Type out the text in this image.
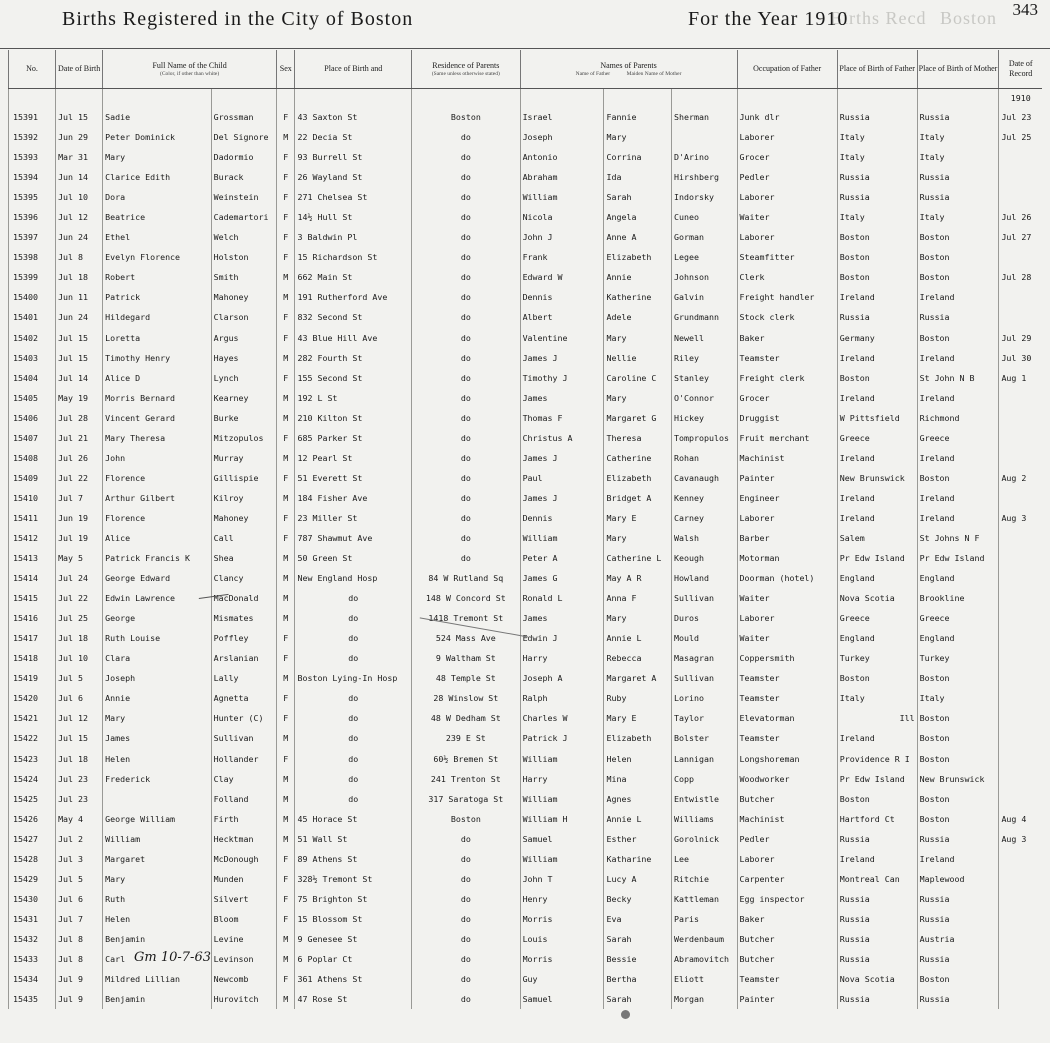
Births Registered in the City of Boston	Births Recd Boston
For the Year 1910	343
No.	Date of Birth	Full Name of the Child
(Color, if other than white)		Sex	Place of Birth and	Residence of Parents
(Same unless otherwise stated)	Names of Parents
Name of Father Maiden Name of Mother			Occupation of Father	Place of Birth of Father	Place of Birth of Mother	Date of Record
													1910
15391	Jul 15	Sadie	Grossman	F	43 Saxton St	Boston	Israel	Fannie	Sherman	Junk dlr	Russia	Russia	Jul 23
15392	Jun 29	Peter Dominick	Del Signore	M	22 Decia St	do	Joseph	Mary		Laborer	Italy	Italy	Jul 25
15393	Mar 31	Mary	Dadormio	F	93 Burrell St	do	Antonio	Corrina	D'Arino	Grocer	Italy	Italy	
15394	Jun 14	Clarice Edith	Burack	F	26 Wayland St	do	Abraham	Ida	Hirshberg	Pedler	Russia	Russia	
15395	Jul 10	Dora	Weinstein	F	271 Chelsea St	do	William	Sarah	Indorsky	Laborer	Russia	Russia	
15396	Jul 12	Beatrice	Cademartori	F	14½ Hull St	do	Nicola	Angela	Cuneo	Waiter	Italy	Italy	Jul 26
15397	Jun 24	Ethel	Welch	F	3 Baldwin Pl	do	John J	Anne A	Gorman	Laborer	Boston	Boston	Jul 27
15398	Jul 8	Evelyn Florence	Holston	F	15 Richardson St	do	Frank	Elizabeth	Legee	Steamfitter	Boston	Boston	
15399	Jul 18	Robert	Smith	M	662 Main St	do	Edward W	Annie	Johnson	Clerk	Boston	Boston	Jul 28
15400	Jun 11	Patrick	Mahoney	M	191 Rutherford Ave	do	Dennis	Katherine	Galvin	Freight handler	Ireland	Ireland	
15401	Jun 24	Hildegard	Clarson	F	832 Second St	do	Albert	Adele	Grundmann	Stock clerk	Russia	Russia	
15402	Jul 15	Loretta	Argus	F	43 Blue Hill Ave	do	Valentine	Mary	Newell	Baker	Germany	Boston	Jul 29
15403	Jul 15	Timothy Henry	Hayes	M	282 Fourth St	do	James J	Nellie	Riley	Teamster	Ireland	Ireland	Jul 30
15404	Jul 14	Alice D	Lynch	F	155 Second St	do	Timothy J	Caroline C	Stanley	Freight clerk	Boston	St John N B	Aug 1
15405	May 19	Morris Bernard	Kearney	M	192 L St	do	James	Mary	O'Connor	Grocer	Ireland	Ireland	
15406	Jul 28	Vincent Gerard	Burke	M	210 Kilton St	do	Thomas F	Margaret G	Hickey	Druggist	W Pittsfield	Richmond	
15407	Jul 21	Mary Theresa	Mitzopulos	F	685 Parker St	do	Christus A	Theresa	Tompropulos	Fruit merchant	Greece	Greece	
15408	Jul 26	John	Murray	M	12 Pearl St	do	James J	Catherine	Rohan	Machinist	Ireland	Ireland	
15409	Jul 22	Florence	Gillispie	F	51 Everett St	do	Paul	Elizabeth	Cavanaugh	Painter	New Brunswick	Boston	Aug 2
15410	Jul 7	Arthur Gilbert	Kilroy	M	184 Fisher Ave	do	James J	Bridget A	Kenney	Engineer	Ireland	Ireland	
15411	Jun 19	Florence	Mahoney	F	23 Miller St	do	Dennis	Mary E	Carney	Laborer	Ireland	Ireland	Aug 3
15412	Jul 19	Alice	Call	F	787 Shawmut Ave	do	William	Mary	Walsh	Barber	Salem	St Johns N F	
15413	May 5	Patrick Francis K	Shea	M	50 Green St	do	Peter A	Catherine L	Keough	Motorman	Pr Edw Island	Pr Edw Island	
15414	Jul 24	George Edward	Clancy	M	New England Hosp	84 W Rutland Sq	James G	May A R	Howland	Doorman (hotel)	England	England	
15415	Jul 22	Edwin Lawrence	MacDonald	M	do	148 W Concord St	Ronald L	Anna F	Sullivan	Waiter	Nova Scotia	Brookline	
15416	Jul 25	George	Mismates	M	do	1418 Tremont St	James	Mary	Duros	Laborer	Greece	Greece	
15417	Jul 18	Ruth Louise	Poffley	F	do	524 Mass Ave	Edwin J	Annie L	Mould	Waiter	England	England	
15418	Jul 10	Clara	Arslanian	F	do	9 Waltham St	Harry	Rebecca	Masagran	Coppersmith	Turkey	Turkey	
15419	Jul 5	Joseph	Lally	M	Boston Lying-In Hosp	48 Temple St	Joseph A	Margaret A	Sullivan	Teamster	Boston	Boston	
15420	Jul 6	Annie	Agnetta	F	do	28 Winslow St	Ralph	Ruby	Lorino	Teamster	Italy	Italy	
15421	Jul 12	Mary	Hunter (C)	F	do	48 W Dedham St	Charles W	Mary E	Taylor	Elevatorman	Ill	Boston	
15422	Jul 15	James	Sullivan	M	do	239 E St	Patrick J	Elizabeth	Bolster	Teamster	Ireland	Boston	
15423	Jul 18	Helen	Hollander	F	do	60½ Bremen St	William	Helen	Lannigan	Longshoreman	Providence R I	Boston	
15424	Jul 23	Frederick	Clay	M	do	241 Trenton St	Harry	Mina	Copp	Woodworker	Pr Edw Island	New Brunswick	
15425	Jul 23		Folland	M	do	317 Saratoga St	William	Agnes	Entwistle	Butcher	Boston	Boston	
15426	May 4	George William	Firth	M	45 Horace St	Boston	William H	Annie L	Williams	Machinist	Hartford Ct	Boston	Aug 4
15427	Jul 2	William	Hecktman	M	51 Wall St	do	Samuel	Esther	Gorolnick	Pedler	Russia	Russia	Aug 3
15428	Jul 3	Margaret	McDonough	F	89 Athens St	do	William	Katharine	Lee	Laborer	Ireland	Ireland	
15429	Jul 5	Mary	Munden	F	328½ Tremont St	do	John T	Lucy A	Ritchie	Carpenter	Montreal Can	Maplewood	
15430	Jul 6	Ruth	Silvert	F	75 Brighton St	do	Henry	Becky	Kattleman	Egg inspector	Russia	Russia	
15431	Jul 7	Helen	Bloom	F	15 Blossom St	do	Morris	Eva	Paris	Baker	Russia	Russia	
15432	Jul 8	Benjamin	Levine	M	9 Genesee St	do	Louis	Sarah	Werdenbaum	Butcher	Russia	Austria	
15433	Jul 8	Carl	Levinson	M	6 Poplar Ct	do	Morris	Bessie	Abramovitch	Butcher	Russia	Russia	
15434	Jul 9	Mildred Lillian	Newcomb	F	361 Athens St	do	Guy	Bertha	Eliott	Teamster	Nova Scotia	Boston	
15435	Jul 9	Benjamin	Hurovitch	M	47 Rose St	do	Samuel	Sarah	Morgan	Painter	Russia	Russia	
Gm 10-7-63
